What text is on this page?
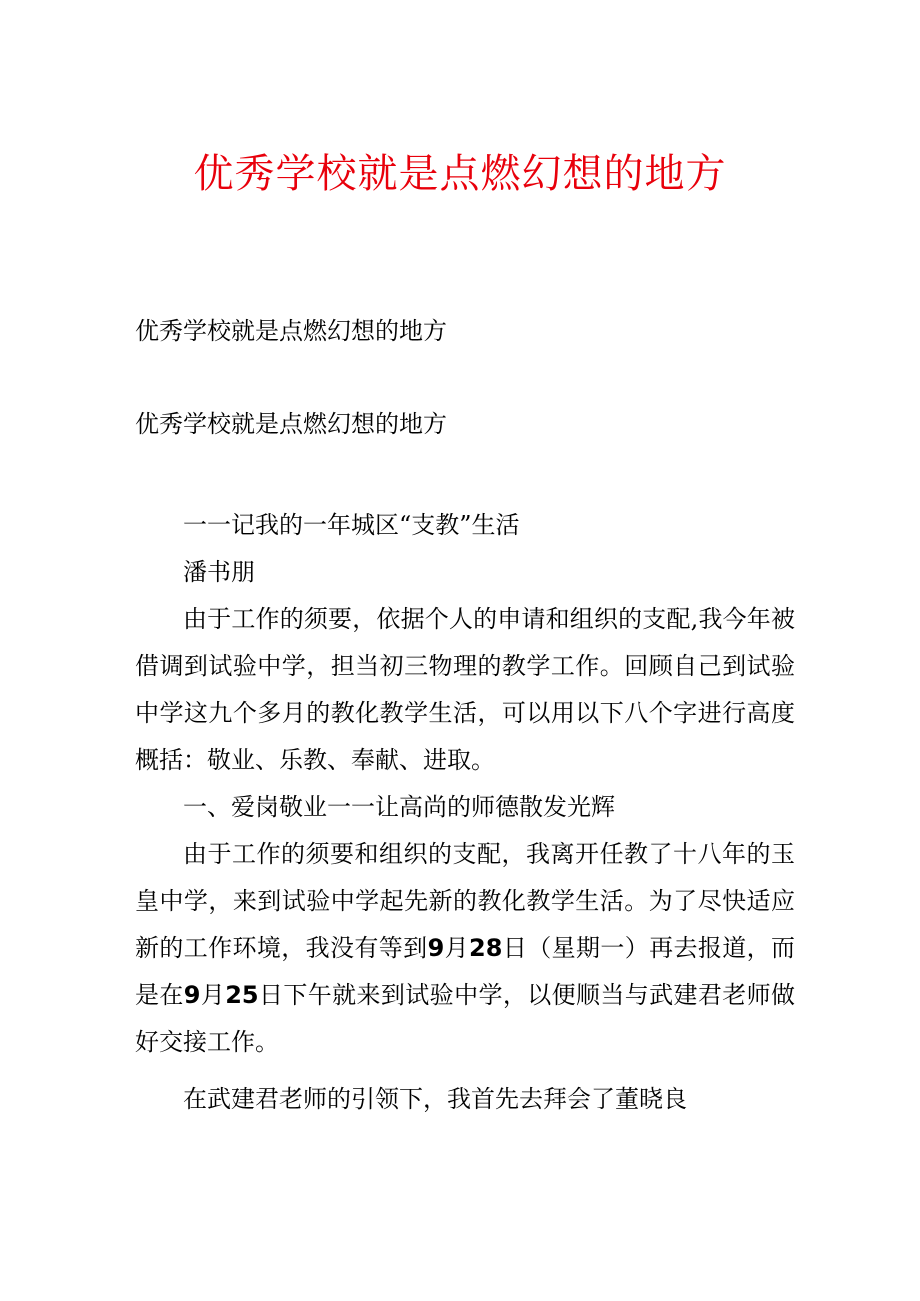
优秀学校就是点燃幻想的地方
优秀学校就是点燃幻想的地方
优秀学校就是点燃幻想的地方

一一记我的一年城区“支教”生活

潘书朋

由于工作的须要，依据个人的申请和组织的支配,我今年被借调到试验中学，担当初三物理的教学工作。回顾自己到试验中学这九个多月的教化教学生活，可以用以下八个字进行高度概括：敬业、乐教、奉献、进取。

一、爱岗敬业一一让高尚的师德散发光辉

由于工作的须要和组织的支配，我离开任教了十八年的玉皇中学，来到试验中学起先新的教化教学生活。为了尽快适应新的工作环境，我没有等到9月28日（星期一）再去报道，而是在9月25日下午就来到试验中学，以便顺当与武建君老师做好交接工作。

在武建君老师的引领下，我首先去拜会了董晓良
